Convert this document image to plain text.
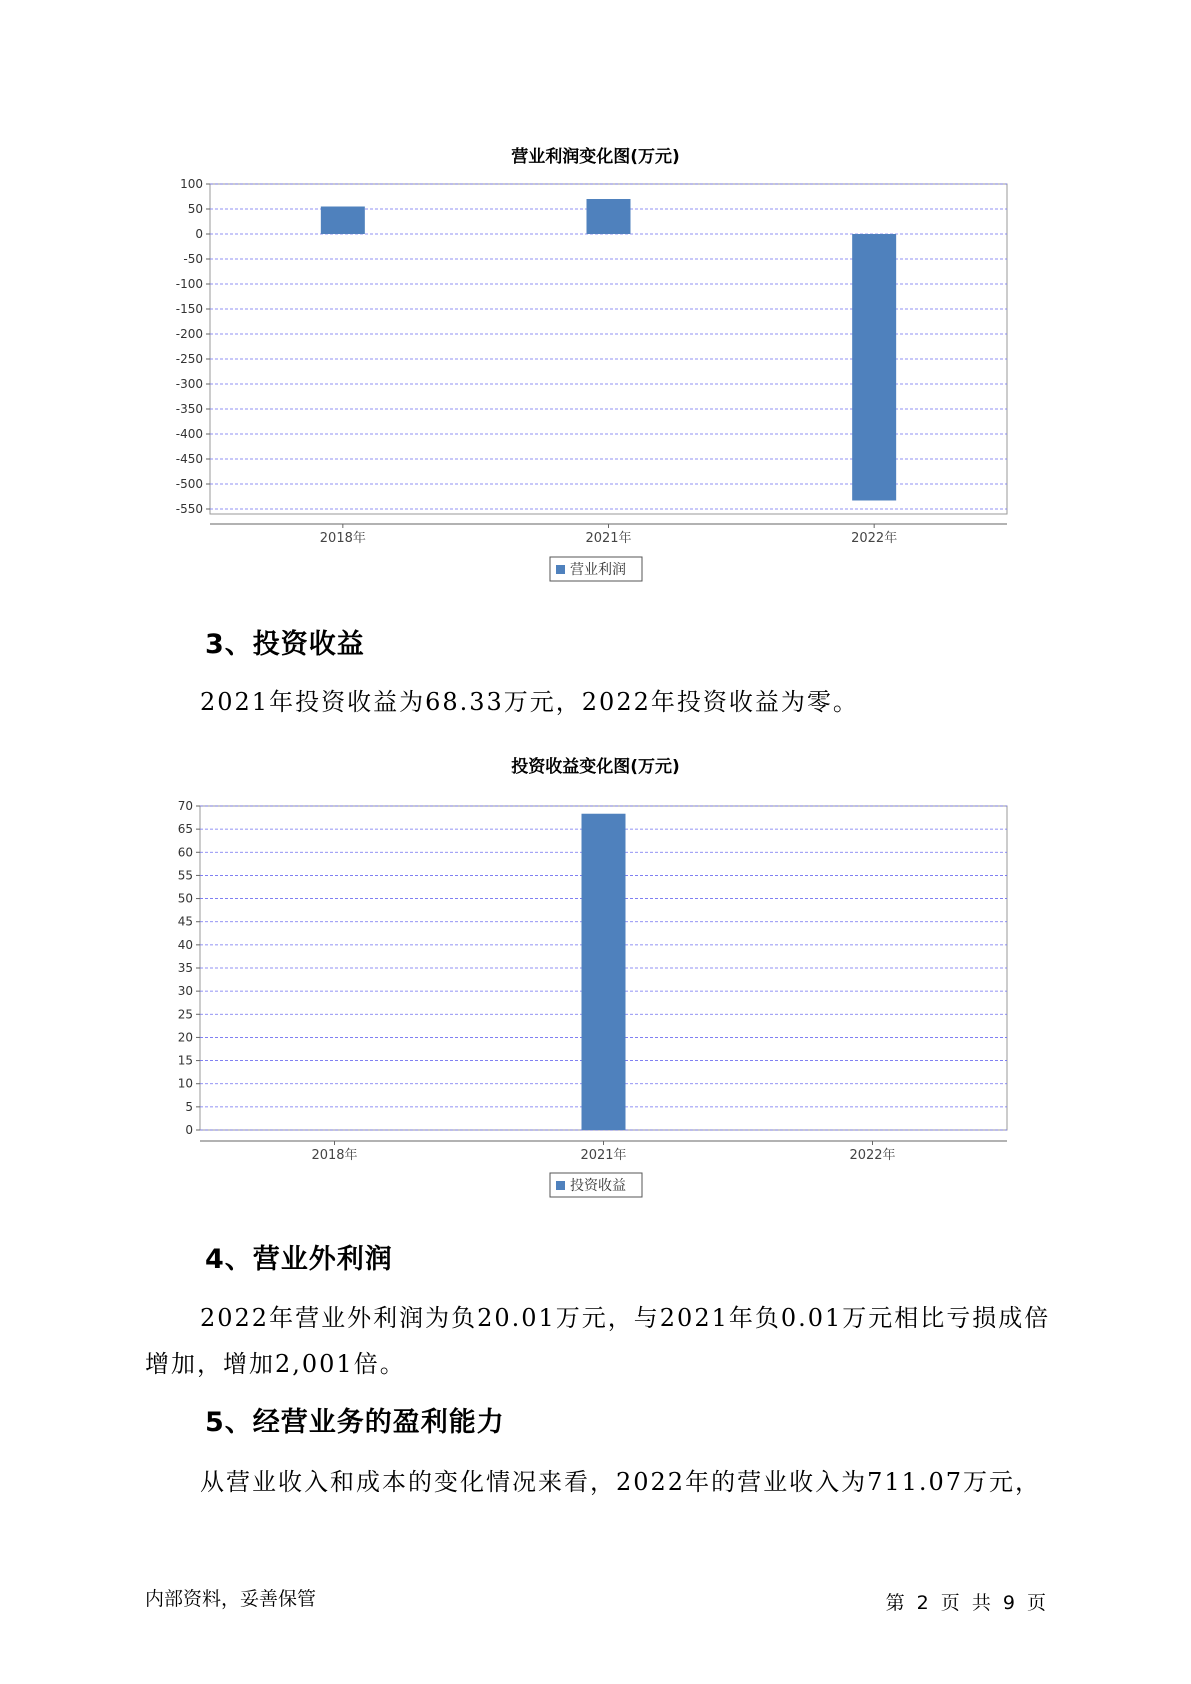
营业利润变化图(万元)
100
50
0
-50
-100
-150
-200
-250
-300
-350
-400
-450
-500
-550
2018年	2021年	2022年
营业利润
3、投资收益

2021年投资收益为68.33万元，2022年投资收益为零。

投资收益变化图(万元)
70
65
60
55
50
45
40
35
30
25
20
15
10
5
0
2018年	2021年	2022年
投资收益
4、营业外利润

2022年营业外利润为负20.01万元，与2021年负0.01万元相比亏损成倍

增加，增加2,001倍。

5、经营业务的盈利能力

从营业收入和成本的变化情况来看，2022年的营业收入为711.07万元，

内部资料，妥善保管	第 2 页 共 9 页
